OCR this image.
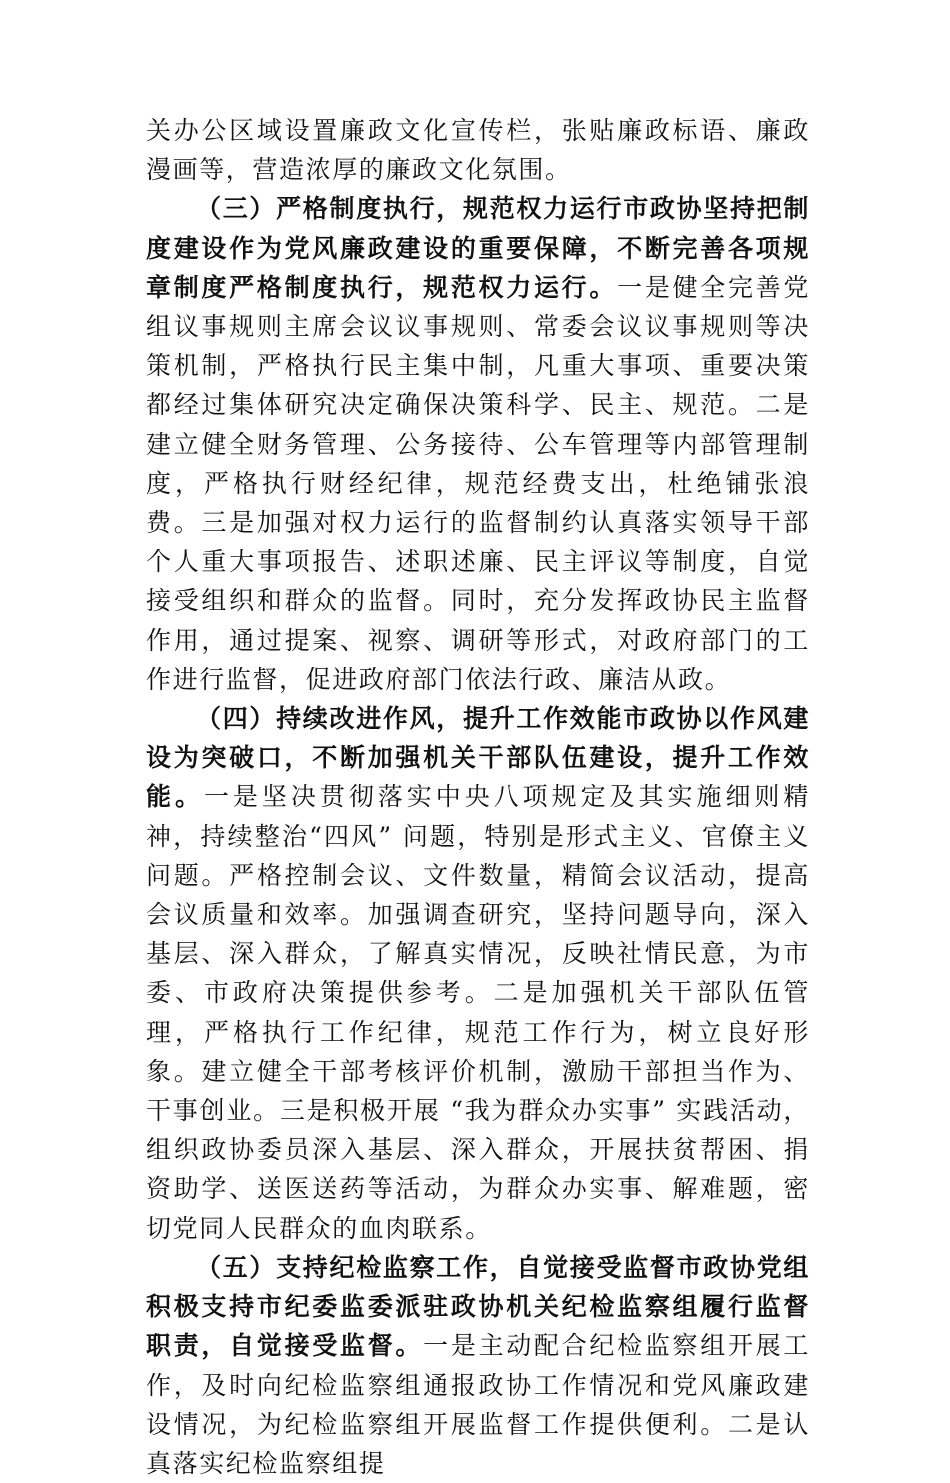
关办公区域设置廉政文化宣传栏，张贴廉政标语、廉政漫画等，营造浓厚的廉政文化氛围。

（三）严格制度执行，规范权力运行市政协坚持把制度建设作为党风廉政建设的重要保障，不断完善各项规章制度严格制度执行，规范权力运行。一是健全完善党组议事规则主席会议议事规则、常委会议议事规则等决策机制，严格执行民主集中制，凡重大事项、重要决策都经过集体研究决定确保决策科学、民主、规范。二是建立健全财务管理、公务接待、公车管理等内部管理制度，严格执行财经纪律，规范经费支出，杜绝铺张浪费。三是加强对权力运行的监督制约认真落实领导干部个人重大事项报告、述职述廉、民主评议等制度，自觉接受组织和群众的监督。同时，充分发挥政协民主监督作用，通过提案、视察、调研等形式，对政府部门的工作进行监督，促进政府部门依法行政、廉洁从政。

（四）持续改进作风，提升工作效能市政协以作风建设为突破口，不断加强机关干部队伍建设，提升工作效能。一是坚决贯彻落实中央八项规定及其实施细则精神，持续整治“四风” 问题，特别是形式主义、官僚主义问题。严格控制会议、文件数量，精简会议活动，提高会议质量和效率。加强调查研究，坚持问题导向，深入基层、深入群众，了解真实情况，反映社情民意，为市委、市政府决策提供参考。二是加强机关干部队伍管理，严格执行工作纪律，规范工作行为，树立良好形象。建立健全干部考核评价机制，激励干部担当作为、干事创业。三是积极开展 “我为群众办实事” 实践活动，组织政协委员深入基层、深入群众，开展扶贫帮困、捐资助学、送医送药等活动，为群众办实事、解难题，密切党同人民群众的血肉联系。

（五）支持纪检监察工作，自觉接受监督市政协党组积极支持市纪委监委派驻政协机关纪检监察组履行监督职责，自觉接受监督。一是主动配合纪检监察组开展工作，及时向纪检监察组通报政协工作情况和党风廉政建设情况，为纪检监察组开展监督工作提供便利。二是认真落实纪检监察组提
